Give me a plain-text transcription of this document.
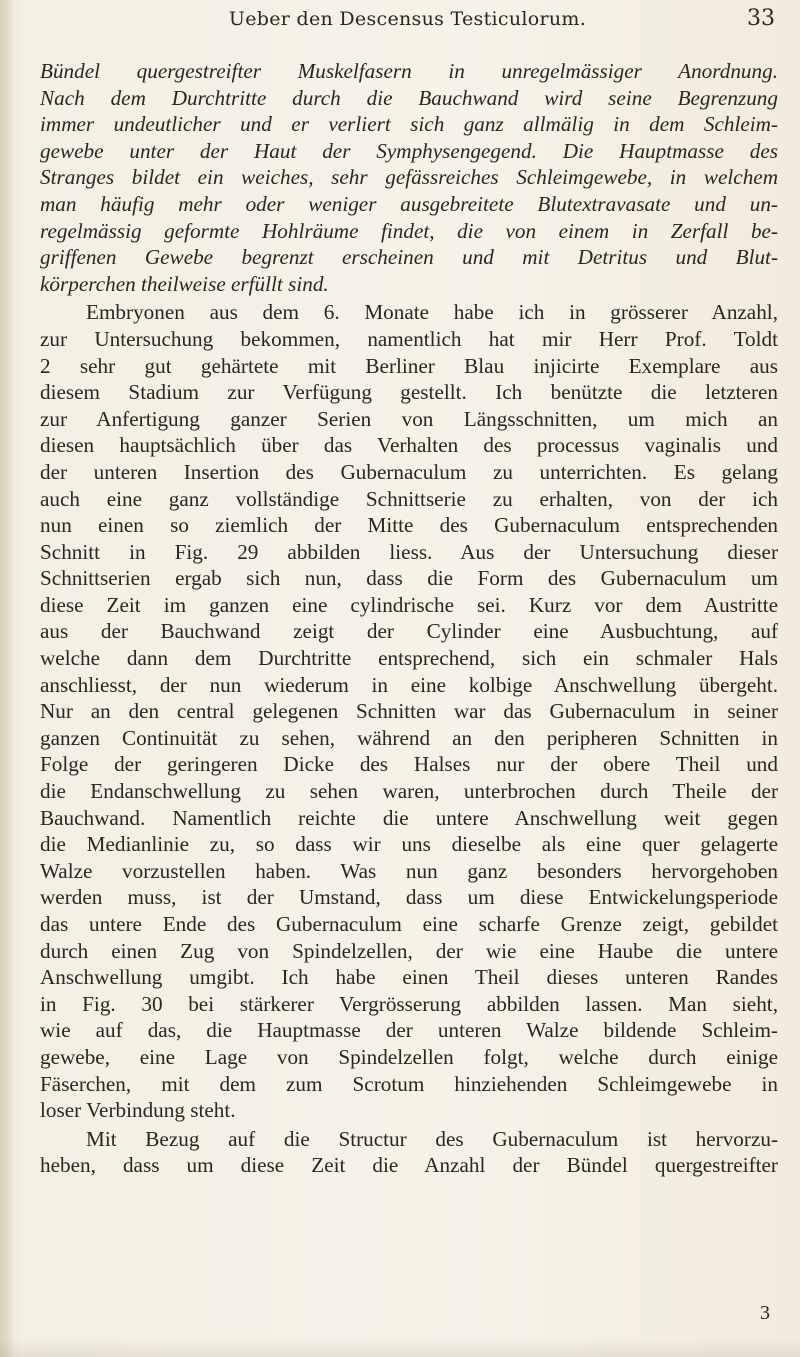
Ueber den Descensus Testiculorum.	33
Bündel quergestreifter Muskelfasern in unregelmässiger Anordnung.
Nach dem Durchtritte durch die Bauchwand wird seine Begrenzung
immer undeutlicher und er verliert sich ganz allmälig in dem Schleim-
gewebe unter der Haut der Symphysengegend. Die Hauptmasse des
Stranges bildet ein weiches, sehr gefässreiches Schleimgewebe, in welchem
man häufig mehr oder weniger ausgebreitete Blutextravasate und un-
regelmässig geformte Hohlräume findet, die von einem in Zerfall be-
griffenen Gewebe begrenzt erscheinen und mit Detritus und Blut-
körperchen theilweise erfüllt sind.
Embryonen aus dem 6. Monate habe ich in grösserer Anzahl,
zur Untersuchung bekommen, namentlich hat mir Herr Prof. Toldt
2 sehr gut gehärtete mit Berliner Blau injicirte Exemplare aus
diesem Stadium zur Verfügung gestellt. Ich benützte die letzteren
zur Anfertigung ganzer Serien von Längsschnitten, um mich an
diesen hauptsächlich über das Verhalten des processus vaginalis und
der unteren Insertion des Gubernaculum zu unterrichten. Es gelang
auch eine ganz vollständige Schnittserie zu erhalten, von der ich
nun einen so ziemlich der Mitte des Gubernaculum entsprechenden
Schnitt in Fig. 29 abbilden liess. Aus der Untersuchung dieser
Schnittserien ergab sich nun, dass die Form des Gubernaculum um
diese Zeit im ganzen eine cylindrische sei. Kurz vor dem Austritte
aus der Bauchwand zeigt der Cylinder eine Ausbuchtung, auf
welche dann dem Durchtritte entsprechend, sich ein schmaler Hals
anschliesst, der nun wiederum in eine kolbige Anschwellung übergeht.
Nur an den central gelegenen Schnitten war das Gubernaculum in seiner
ganzen Continuität zu sehen, während an den peripheren Schnitten in
Folge der geringeren Dicke des Halses nur der obere Theil und
die Endanschwellung zu sehen waren, unterbrochen durch Theile der
Bauchwand. Namentlich reichte die untere Anschwellung weit gegen
die Medianlinie zu, so dass wir uns dieselbe als eine quer gelagerte
Walze vorzustellen haben. Was nun ganz besonders hervorgehoben
werden muss, ist der Umstand, dass um diese Entwickelungsperiode
das untere Ende des Gubernaculum eine scharfe Grenze zeigt, gebildet
durch einen Zug von Spindelzellen, der wie eine Haube die untere
Anschwellung umgibt. Ich habe einen Theil dieses unteren Randes
in Fig. 30 bei stärkerer Vergrösserung abbilden lassen. Man sieht,
wie auf das, die Hauptmasse der unteren Walze bildende Schleim-
gewebe, eine Lage von Spindelzellen folgt, welche durch einige
Fäserchen, mit dem zum Scrotum hinziehenden Schleimgewebe in
loser Verbindung steht.
Mit Bezug auf die Structur des Gubernaculum ist hervorzu-
heben, dass um diese Zeit die Anzahl der Bündel quergestreifter
3
